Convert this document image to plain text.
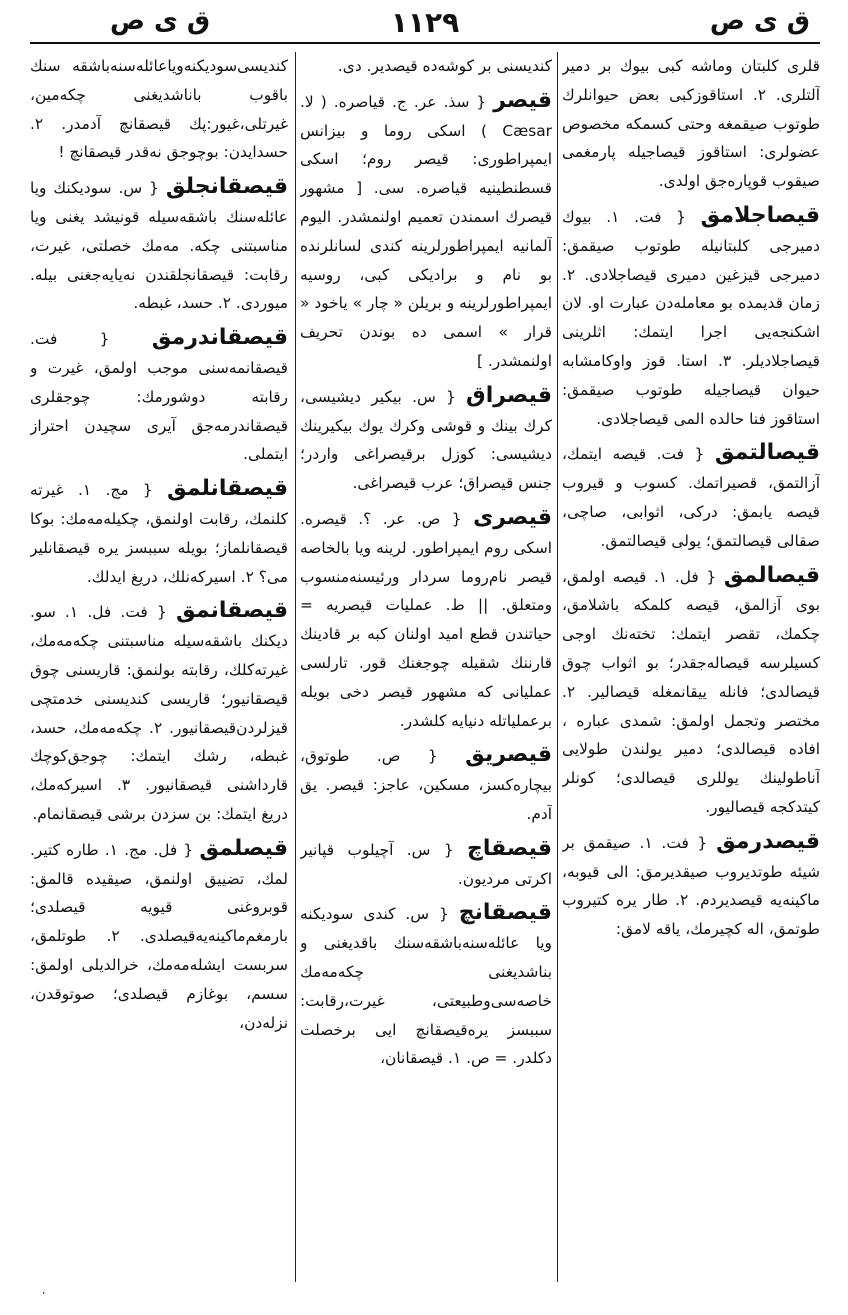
ق ى ص
١١٢٩
ق ى ص

قلرى كلبتان وماشه كبى بيوك بر دمير آلتلرى. ٢. استاقوزكبى بعض حيوانلرك طوتوب صيقمغه وحتى كسمكه مخصوص عضولرى: استاقوز قيصاجيله پارمغمى صيقوب قوپاره‌جق اولدى.

قيصاجلامق { فت. ١. بيوك دميرجى كلبتانيله طوتوب صيقمق: دميرجى قيزغين دميرى قيصاجلادى. ٢. زمان قديمده بو معامله‌دن عبارت او. لان اشكنجه‌يى اجرا ايتمك: اثلرينى قيصاجلاديلر. ٣. استا. قوز واوكامشابه حيوان قيصاجيله طوتوب صيقمق: استاقوز فنا حالده المى قيصاجلادى.

قيصالتمق { فت. قيصه ايتمك، آزالتمق، قصيراتمك. كسوب و قيروب قيصه يابمق: دركى، اثوابى، صاچى، صقالى قيصالتمق؛ يولى قيصالتمق.

قيصالمق { فل. ١. قيصه اولمق، بوى آزالمق، قيصه كلمكه باشلامق، چكمك، تقصر ايتمك: تخته‌نك اوجى كسيلرسه قيصاله‌جقدر؛ بو اثواب چوق قيصالدى؛ فانله ييقانمغله قيصالير. ٢. مختصر وتجمل اولمق: شمدى عباره ، افاده قيصالدى؛ دمير يولندن طولايى آناطولينك يوللرى قيصالدى؛ كونلر كيتدكجه قيصاليور.

قيصدرمق { فت. ١. صيقمق بر شيئه طوتديروب صيقديرمق: الى قيوبه، ماكينه‌يه قيصديردم. ٢. طار يره كتيروب طوتمق، اله كچيرمك، ياقه لامق:

كنديسنى بر كوشه‌ده قيصدير. دى.

قيصر { سذ. عر. ج. قياصره. ( لا. Cæsar ) اسكى روما و بيزانس ايمپراطورى: قيصر روم؛ اسكى قسطنطينيه قياصره. سى. [ مشهور قيصرك اسمندن تعميم اولنمشدر. اليوم آلمانيه ايمپراطورلرينه كندى لسانلرنده بو نام و براديكى كبى، روسيه ايمپراطورلرينه و بريلن « چار » ياخود « قرار » اسمى ده بوندن تحريف اولنمشدر. ]

قيصراق { س. بيكير ديشيسى، كرك بينك و قوشى وكرك يوك بيكيرينك ديشيسى: كوزل برقيصراغى واردر؛ جنس قيصراق؛ عرب قيصراغى.

قيصرى { ص. عر. ؟. قيصره. اسكى روم ايمپراطور. لرينه ويا بالخاصه قيصر نام‌روما سردار ورئيسنه‌منسوب ومتعلق. || ط. عمليات قيصريه = حياتندن قطع اميد اولنان كبه بر قادينك قارننك شقيله چوجغنك قور. تارلسى عمليانى كه مشهور قيصر دخى بويله برعمليا‌تله دنيايه كلشدر.

قيصريق { ص. طوتوق، بيچاره‌كسز، مسكين، عاجز: قيصر. يق آدم.

قيصقاچ { س. آچيلوب قپانير اكرتى مرديون.

قيصقانچ { س. كندى سوديكنه ويا عائله‌سنه‌باشقه‌سنك باقديغنى و بناشديغنى چكه‌مه‌مك خاصه‌سى‌وطبيعتى، غيرت،رقابت: سببسز يره‌قيصقانچ ايى برخصلت دكلدر. = ص. ١. قيصقانان،

كنديسى‌سوديكنه‌ويا‌عائله‌سنه‌باشقه سنك باقوب بانا‌شديغنى چكه‌مين، غيرتلى،غيور:پك قيصقانچ آدمدر. ٢. حسدايدن: بوچوجق نه‌قدر قيصقانچ !

قيصقانجلق { س. سوديكنك ويا عائله‌سنك باشقه‌سيله قونيشد يغنى ويا مناسبتنى چكه. مه‌مك خصلتى، غيرت، رقابت: قيصقانجلقندن نه‌يايه‌جغنى بيله. ميوردى. ٢. حسد، غبطه.

قيصقاندرمق { فت. قيصقانمه‌سنى موجب اولمق، غيرت و رقابته دوشورمك: چوجقلرى قيصقاندرمه‌جق آيرى سچيدن احتراز ايتملى.

قيصقانلمق { مج. ١. غيرته كلنمك، رقابت اولنمق، چكيله‌مه‌مك: بوكا قيصقانلماز؛ بويله سببسز يره قيصقانلير مى؟ ٢. اسيركه‌نلك، دريغ ايدلك.

قيصقانمق { فت. فل. ١. سو. ديكنك باشقه‌سيله مناسبتنى چكه‌مه‌مك، غيرته‌كلك، رقابته بولنمق: قاريسنى چوق قيصقانيور؛ قاريسى كنديسنى خدمتچى قيزلردن‌قيصقانيور. ٢. چكه‌مه‌مك، حسد، غبطه، رشك ايتمك: چوجق‌كوچك قارداشنى قيصقانيور. ٣. اسيركه‌مك، دريغ ايتمك: بن سزدن برشى قيصقانمام.

قيصلمق { فل. مج. ١. طاره كتير. لمك، تضييق اولنمق، صيقيده قالمق: قوبروغنى قيويه قيصلدى؛بارمغم‌ماكينه‌يه‌قيصلدى. ٢. طوتلمق، سربست ايشله‌مه‌مك، خرالديلى اولمق: سسم، بوغازم قيصلدى؛ صوتوقدن، نزله‌دن،

،
